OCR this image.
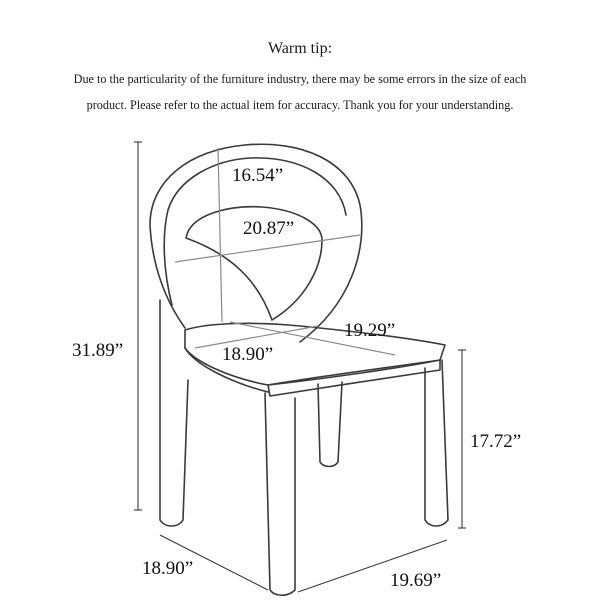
Warm tip:
Due to the particularity of the furniture industry, there may be some errors in the size of each
product. Please refer to the actual item for accuracy. Thank you for your understanding.
16.54”
20.87”
19.29”
18.90”
31.89”
17.72”
18.90”
19.69”
